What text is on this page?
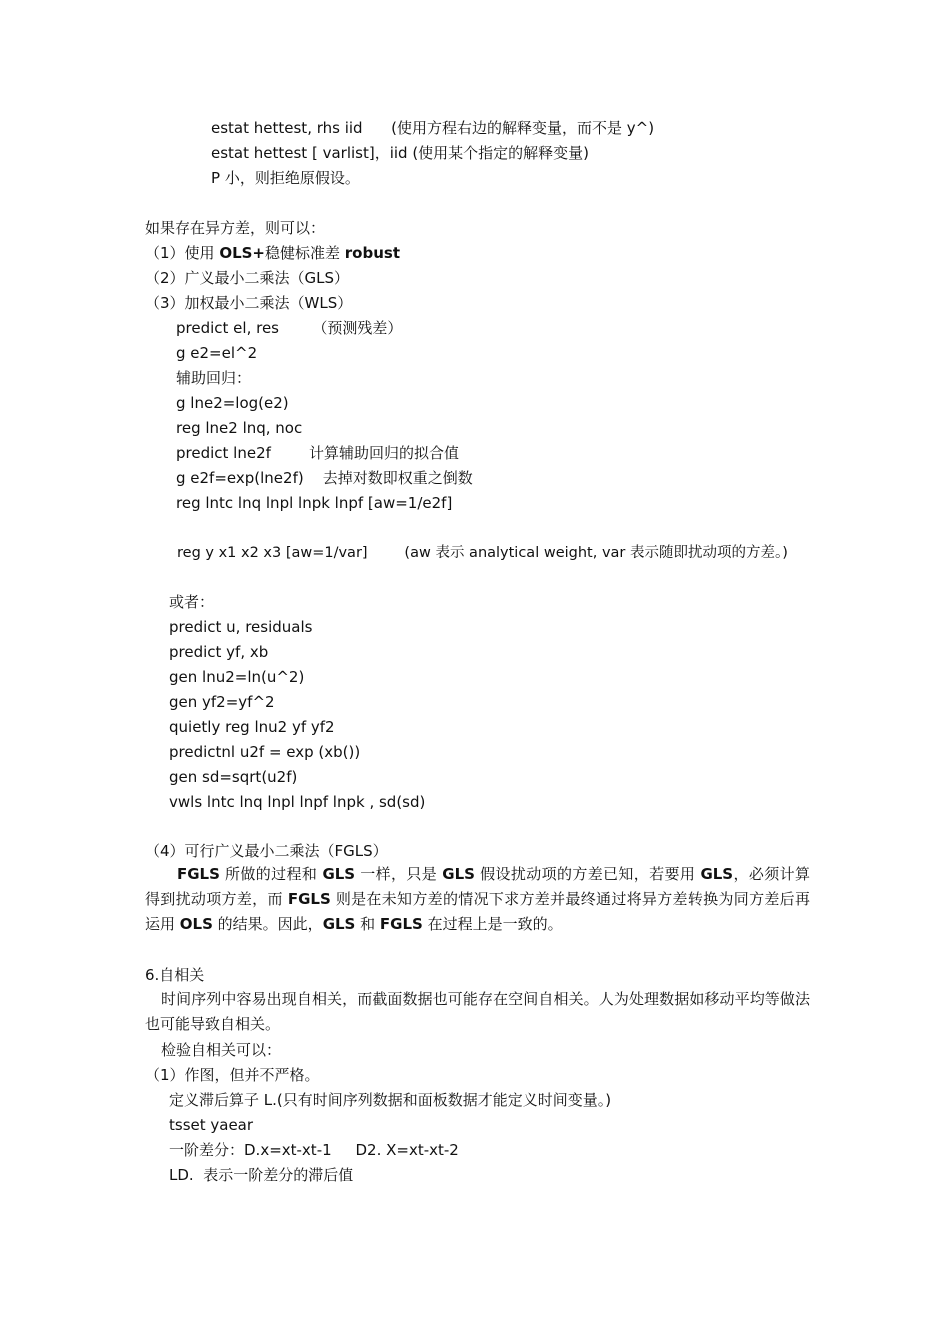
estat hettest, rhs iid      (使用方程右边的解释变量，而不是 y^)
estat hettest [ varlist]，iid (使用某个指定的解释变量)
P 小，则拒绝原假设。
如果存在异方差，则可以：
（1）使用 OLS+稳健标准差 robust
（2）广义最小二乘法（GLS）
（3）加权最小二乘法（WLS）
predict el, res       （预测残差）
g e2=el^2
辅助回归：
g lne2=log(e2)
reg lne2 lnq, noc
predict lne2f        计算辅助回归的拟合值
g e2f=exp(lne2f)    去掉对数即权重之倒数
reg lntc lnq lnpl lnpk lnpf [aw=1/e2f]
reg y x1 x2 x3 [aw=1/var]        (aw 表示 analytical weight, var 表示随即扰动项的方差。)
或者：
predict u, residuals
predict yf, xb
gen lnu2=ln(u^2)
gen yf2=yf^2
quietly reg lnu2 yf yf2
predictnl u2f = exp (xb())
gen sd=sqrt(u2f)
vwls lntc lnq lnpl lnpf lnpk , sd(sd)
（4）可行广义最小二乘法（FGLS）
FGLS 所做的过程和 GLS 一样，只是 GLS 假设扰动项的方差已知，若要用 GLS，必须计算得到扰动项方差，而 FGLS 则是在未知方差的情况下求方差并最终通过将异方差转换为同方差后再运用 OLS 的结果。因此，GLS 和 FGLS 在过程上是一致的。
6.自相关
时间序列中容易出现自相关，而截面数据也可能存在空间自相关。人为处理数据如移动平均等做法也可能导致自相关。
检验自相关可以：
（1）作图，但并不严格。
定义滞后算子 L.(只有时间序列数据和面板数据才能定义时间变量。)
tsset yaear
一阶差分：D.x=xt-xt-1     D2. X=xt-xt-2
LD.  表示一阶差分的滞后值
